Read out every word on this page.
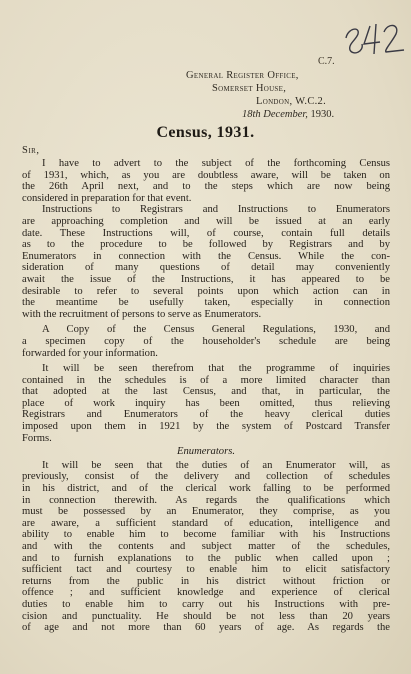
C.7.
General Register Office,
Somerset House,
London, W.C.2.
18th December, 1930.
Census, 1931.
Sir,
I have to advert to the subject of the forthcoming Census
of 1931, which, as you are doubtless aware, will be taken on
the 26th April next, and to the steps which are now being
considered in preparation for that event.
Instructions to Registrars and Instructions to Enumerators
are approaching completion and will be issued at an early
date. These Instructions will, of course, contain full details
as to the procedure to be followed by Registrars and by
Enumerators in connection with the Census. While the con-
sideration of many questions of detail may conveniently
await the issue of the Instructions, it has appeared to be
desirable to refer to several points upon which action can in
the meantime be usefully taken, especially in connection
with the recruitment of persons to serve as Enumerators.
A Copy of the Census General Regulations, 1930, and
a specimen copy of the householder's schedule are being
forwarded for your information.
It will be seen therefrom that the programme of inquiries
contained in the schedules is of a more limited character than
that adopted at the last Census, and that, in particular, the
place of work inquiry has been omitted, thus relieving
Registrars and Enumerators of the heavy clerical duties
imposed upon them in 1921 by the system of Postcard Transfer
Forms.
Enumerators.
It will be seen that the duties of an Enumerator will, as
previously, consist of the delivery and collection of schedules
in his district, and of the clerical work falling to be performed
in connection therewith. As regards the qualifications which
must be possessed by an Enumerator, they comprise, as you
are aware, a sufficient standard of education, intelligence and
ability to enable him to become familiar with his Instructions
and with the contents and subject matter of the schedules,
and to furnish explanations to the public when called upon ;
sufficient tact and courtesy to enable him to elicit satisfactory
returns from the public in his district without friction or
offence ; and sufficient knowledge and experience of clerical
duties to enable him to carry out his Instructions with pre-
cision and punctuality. He should be not less than 20 years
of age and not more than 60 years of age. As regards the
